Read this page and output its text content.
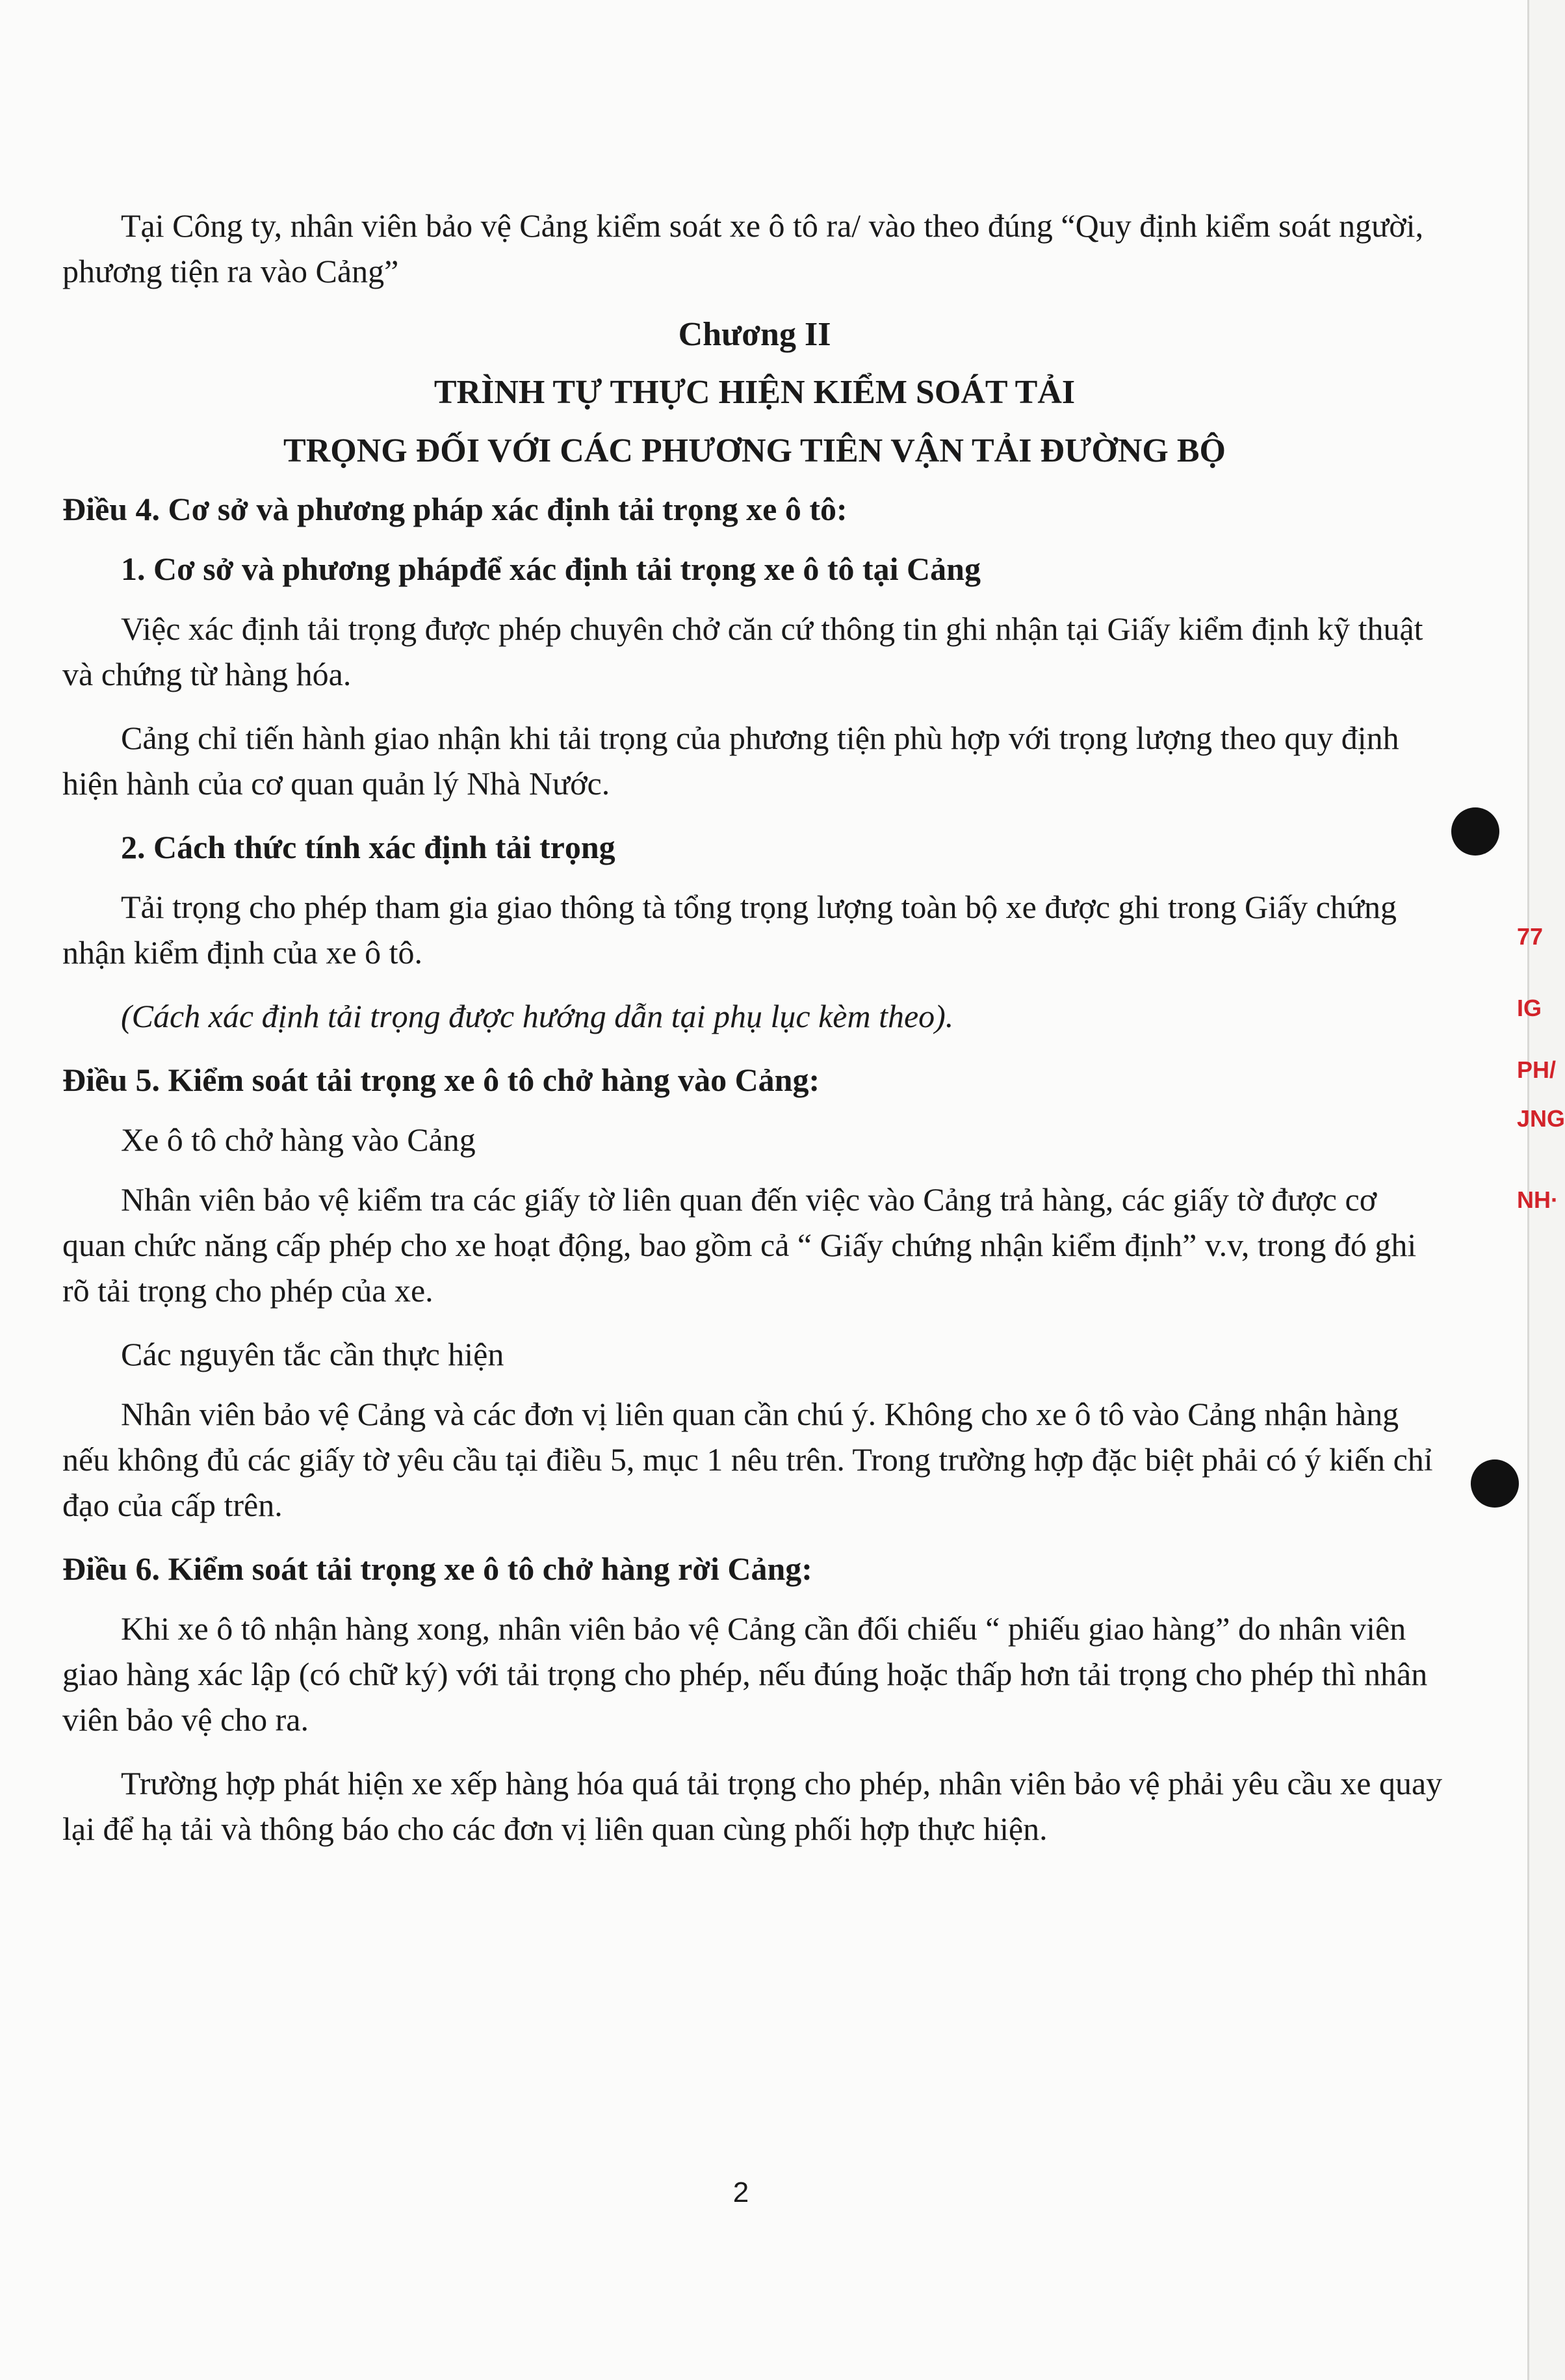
Tại Công ty, nhân viên bảo vệ Cảng kiểm soát xe ô tô ra/ vào theo đúng “Quy định kiểm soát người, phương tiện ra vào Cảng”

Chương II

TRÌNH TỰ THỰC HIỆN KIỂM SOÁT TẢI

TRỌNG ĐỐI VỚI CÁC PHƯƠNG TIÊN VẬN TẢI ĐƯỜNG BỘ

Điều 4. Cơ sở và phương pháp xác định tải trọng xe ô tô:

1. Cơ sở và phương phápđể xác định tải trọng xe ô tô tại Cảng

Việc xác định tải trọng được phép chuyên chở căn cứ thông tin ghi nhận tại Giấy kiểm định kỹ thuật và chứng từ hàng hóa.

Cảng chỉ tiến hành giao nhận khi tải trọng của phương tiện phù hợp với trọng lượng theo quy định hiện hành của cơ quan quản lý Nhà Nước.

2. Cách thức tính xác định tải trọng

Tải trọng cho phép tham gia giao thông tà tổng trọng lượng toàn bộ xe được ghi trong Giấy chứng nhận kiểm định của xe ô tô.

(Cách xác định tải trọng được hướng dẫn tại phụ lục kèm theo).

Điều 5. Kiểm soát tải trọng xe ô tô chở hàng vào Cảng:

Xe ô tô chở hàng vào Cảng

Nhân viên bảo vệ kiểm tra các giấy tờ liên quan đến việc vào Cảng trả hàng, các giấy tờ được cơ quan chức năng cấp phép cho xe hoạt động, bao gồm cả “ Giấy chứng nhận kiểm định” v.v, trong đó ghi rõ tải trọng cho phép của xe.

Các nguyên tắc cần thực hiện

Nhân viên bảo vệ Cảng và các đơn vị liên quan cần chú ý. Không cho xe ô tô vào Cảng nhận hàng nếu không đủ các giấy tờ yêu cầu tại điều 5, mục 1 nêu trên. Trong trường hợp đặc biệt phải có ý kiến chỉ đạo của cấp trên.

Điều 6. Kiểm soát tải trọng xe ô tô chở hàng rời Cảng:

Khi xe ô tô nhận hàng xong, nhân viên bảo vệ Cảng cần đối chiếu “ phiếu giao hàng” do nhân viên giao hàng xác lập (có chữ ký) với tải trọng cho phép, nếu đúng hoặc thấp hơn tải trọng cho phép thì nhân viên bảo vệ cho ra.

Trường hợp phát hiện xe xếp hàng hóa quá tải trọng cho phép, nhân viên bảo vệ phải yêu cầu xe quay lại để hạ tải và thông báo cho các đơn vị liên quan cùng phối hợp thực hiện.

2
77
IG
PH/
JNG
NH·
